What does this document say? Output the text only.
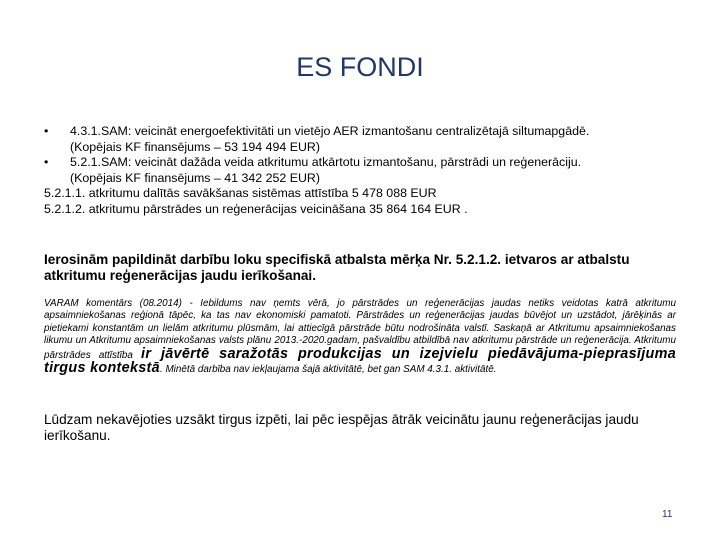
ES FONDI
• 4.3.1.SAM: veicināt energoefektivitāti un vietējo AER izmantošanu centralizētajā siltumapgādē.
(Kopējais KF finansējums – 53 194 494 EUR)
• 5.2.1.SAM: veicināt dažāda veida atkritumu atkārtotu izmantošanu, pārstrādi un reģenerāciju.
(Kopējais KF finansējums – 41 342 252 EUR)
5.2.1.1. atkritumu dalītās savākšanas sistēmas attīstība 5 478 088 EUR
5.2.1.2. atkritumu pārstrādes un reģenerācijas veicināšana 35 864 164 EUR .
Ierosinām papildināt darbību loku specifiskā atbalsta mērķa Nr. 5.2.1.2. ietvaros ar atbalstu atkritumu reģenerācijas jaudu ierīkošanai.
VARAM komentārs (08.2014) - Iebildums nav ņemts vērā, jo pārstrādes un reģenerācijas jaudas netiks veidotas katrā atkritumu apsaimniekošanas reģionā tāpēc, ka tas nav ekonomiski pamatoti. Pārstrādes un reģenerācijas jaudas būvējot un uzstādot, jārēķinās ar pietiekami konstantām un lielām atkritumu plūsmām, lai attiecīgā pārstrāde būtu nodrošināta valstī. Saskaņā ar Atkritumu apsaimniekošanas likumu un Atkritumu apsaimniekošanas valsts plānu 2013.-2020.gadam, pašvaldību atbildībā nav atkritumu pārstrāde un reģenerācija. Atkritumu pārstrādes attīstība ir jāvērtē saražotās produkcijas un izejvielu piedāvājuma-pieprasījuma tirgus kontekstā. Minētā darbība nav iekļaujama šajā aktivitātē, bet gan SAM 4.3.1. aktivitātē.
Lūdzam nekavējoties uzsākt tirgus izpēti, lai pēc iespējas ātrāk veicinātu jaunu reģenerācijas jaudu ierīkošanu.
11
